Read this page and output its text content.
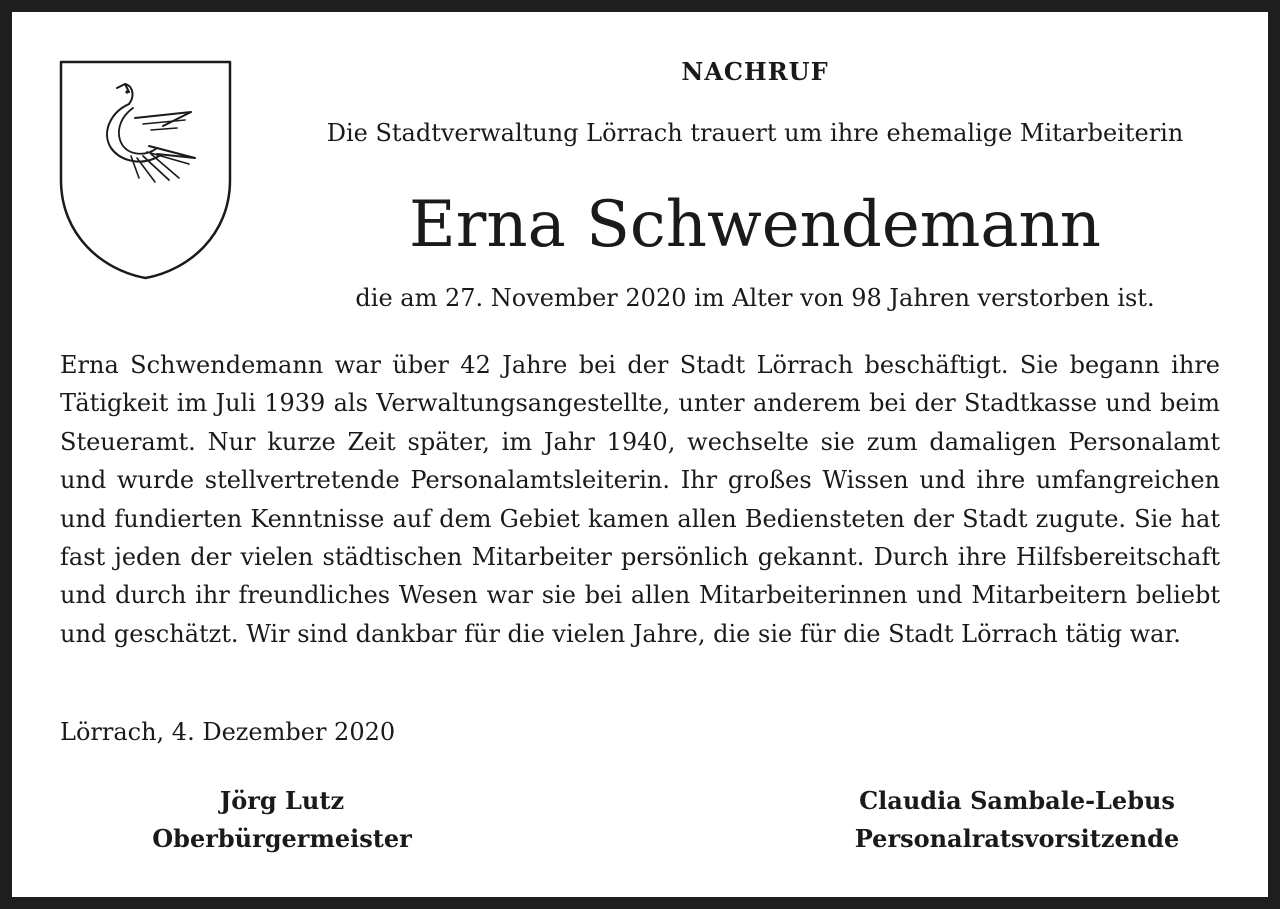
NACHRUF
Die Stadtverwaltung Lörrach trauert um ihre ehemalige Mitarbeiterin
Erna Schwendemann
die am 27. November 2020 im Alter von 98 Jahren verstorben ist.
Erna Schwendemann war über 42 Jahre bei der Stadt Lörrach beschäftigt. Sie begann ihre Tätigkeit im Juli 1939 als Verwaltungsangestellte, unter anderem bei der Stadtkasse und beim Steueramt. Nur kurze Zeit später, im Jahr 1940, wechselte sie zum damaligen Personalamt und wurde stellvertretende Personalamtsleiterin. Ihr großes Wissen und ihre umfangreichen und fundierten Kenntnisse auf dem Gebiet kamen allen Bediensteten der Stadt zugute. Sie hat fast jeden der vielen städtischen Mitarbeiter persönlich gekannt. Durch ihre Hilfsbereitschaft und durch ihr freundliches Wesen war sie bei allen Mitarbeiterinnen und Mitarbeitern beliebt und geschätzt. Wir sind dankbar für die vielen Jahre, die sie für die Stadt Lörrach tätig war.
Lörrach, 4. Dezember 2020
Jörg Lutz
Oberbürgermeister
Claudia Sambale-Lebus
Personalratsvorsitzende
